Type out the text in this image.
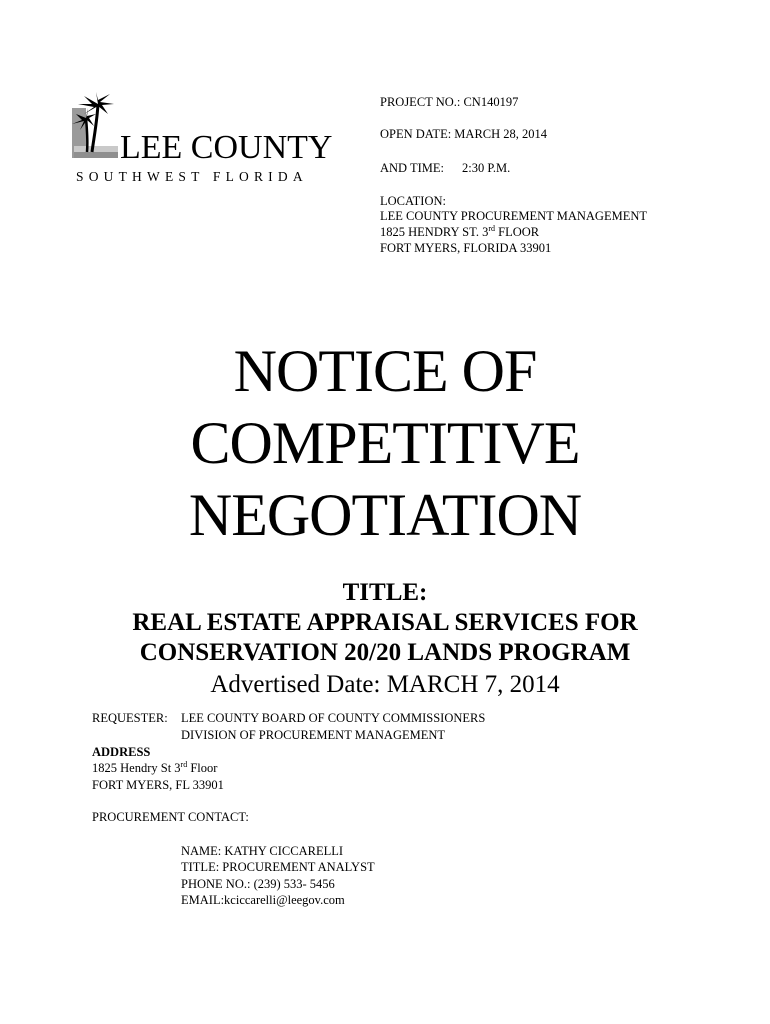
LEE COUNTY
SOUTHWEST FLORIDA
PROJECT NO.: CN140197
OPEN DATE: MARCH 28, 2014
AND TIME: 2:30 P.M.
LOCATION:
LEE COUNTY PROCUREMENT MANAGEMENT
1825 HENDRY ST. 3rd FLOOR
FORT MYERS, FLORIDA 33901
NOTICE OF
COMPETITIVE
NEGOTIATION
TITLE:
REAL ESTATE APPRAISAL SERVICES FOR
CONSERVATION 20/20 LANDS PROGRAM
Advertised Date: MARCH 7, 2014
REQUESTER: LEE COUNTY BOARD OF COUNTY COMMISSIONERS
DIVISION OF PROCUREMENT MANAGEMENT
ADDRESS
1825 Hendry St 3rd Floor
FORT MYERS, FL 33901
PROCUREMENT CONTACT:
NAME: KATHY CICCARELLI
TITLE: PROCUREMENT ANALYST
PHONE NO.: (239) 533- 5456
EMAIL:kciccarelli@leegov.com
